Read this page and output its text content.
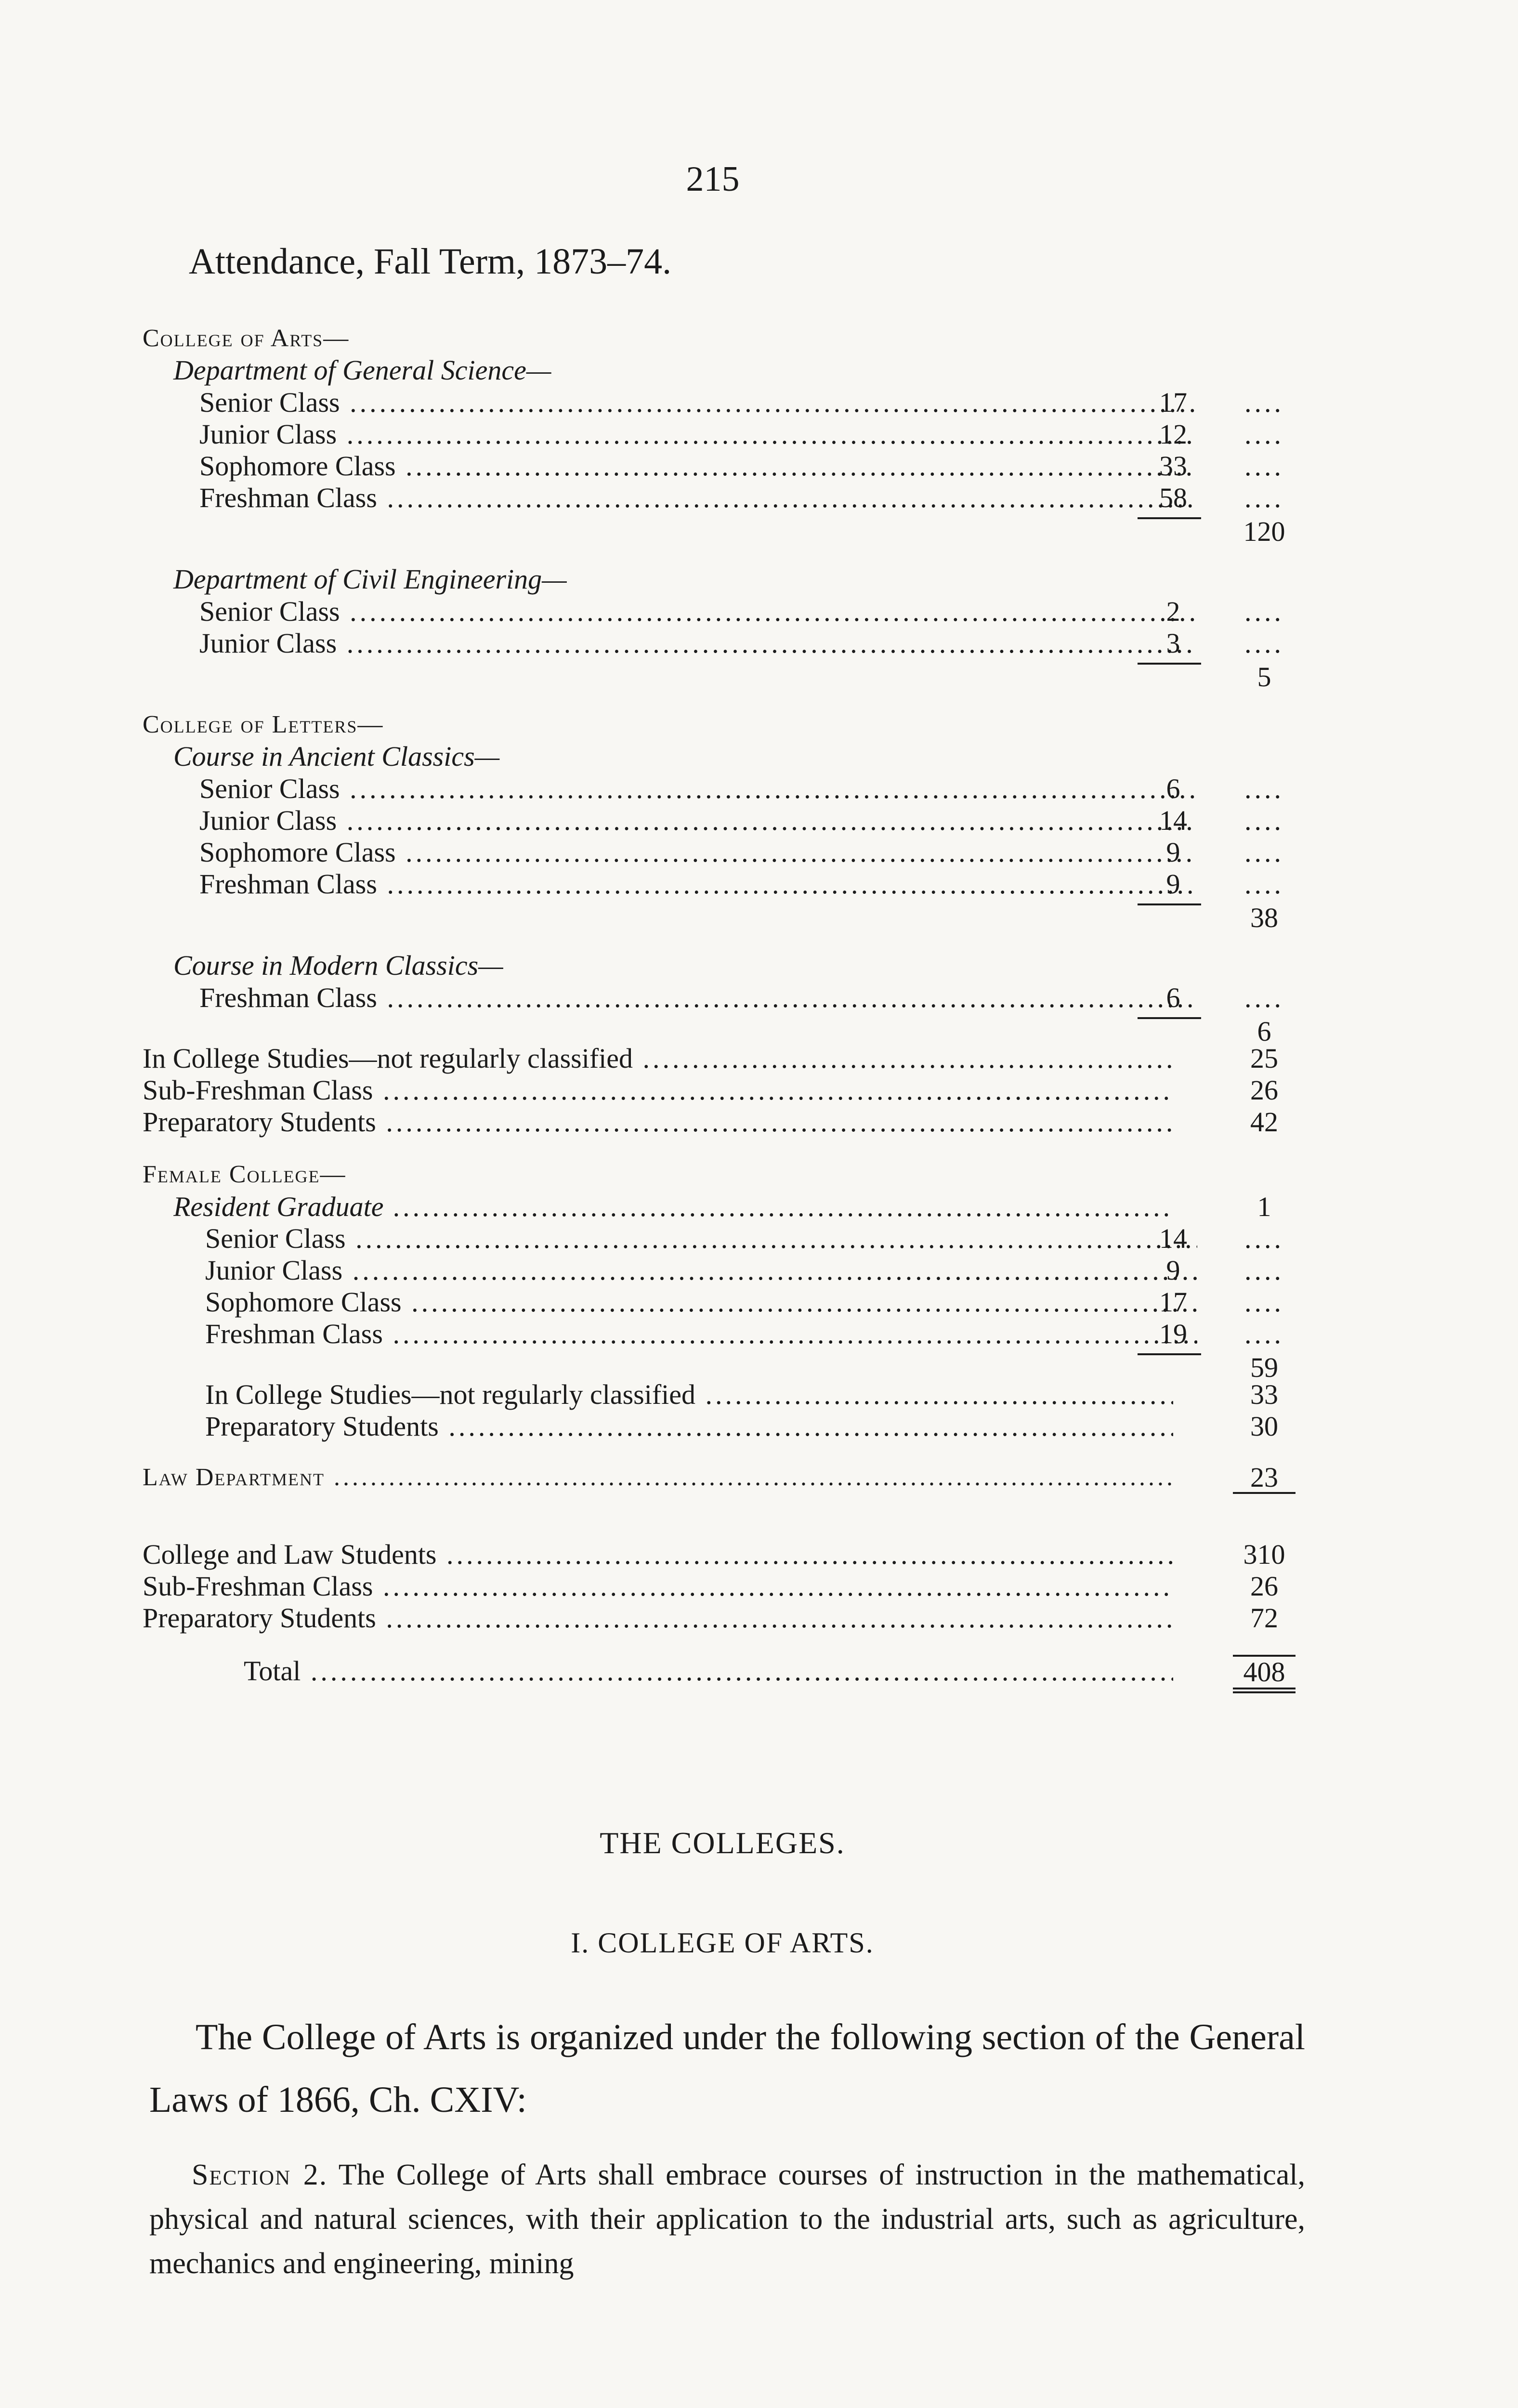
215
Attendance, Fall Term, 1873–74.
College of Arts—
Department of General Science—
Senior Class .....	17	....
Junior Class .....	12	....
Sophomore Class .....	33	....
Freshman Class .....	58	....
120
Department of Civil Engineering—
Senior Class .....	2	....
Junior Class .....	3	....
5
College of Letters—
Course in Ancient Classics—
Senior Class .....	6	....
Junior Class .....	14	....
Sophomore Class .....	9	....
Freshman Class .....	9	....
38
Course in Modern Classics—
Freshman Class .....	6	....
6
In College Studies—not regularly classified .....	25
Sub-Freshman Class .....	26
Preparatory Students .....	42
Female College—
Resident Graduate .....	1
Senior Class .....	14	....
Junior Class .....	9	....
Sophomore Class .....	17	....
Freshman Class .....	19	....
59
In College Studies—not regularly classified .....	33
Preparatory Students .....	30
Law Department .....	23
College and Law Students .....	310
Sub-Freshman Class .....	26
Preparatory Students .....	72
Total .....	408
THE COLLEGES.
I. COLLEGE OF ARTS.
The College of Arts is organized under the following section of the General Laws of 1866, Ch. CXIV:
Section 2. The College of Arts shall embrace courses of instruction in the mathematical, physical and natural sciences, with their application to the industrial arts, such as agriculture, mechanics and engineering, mining
